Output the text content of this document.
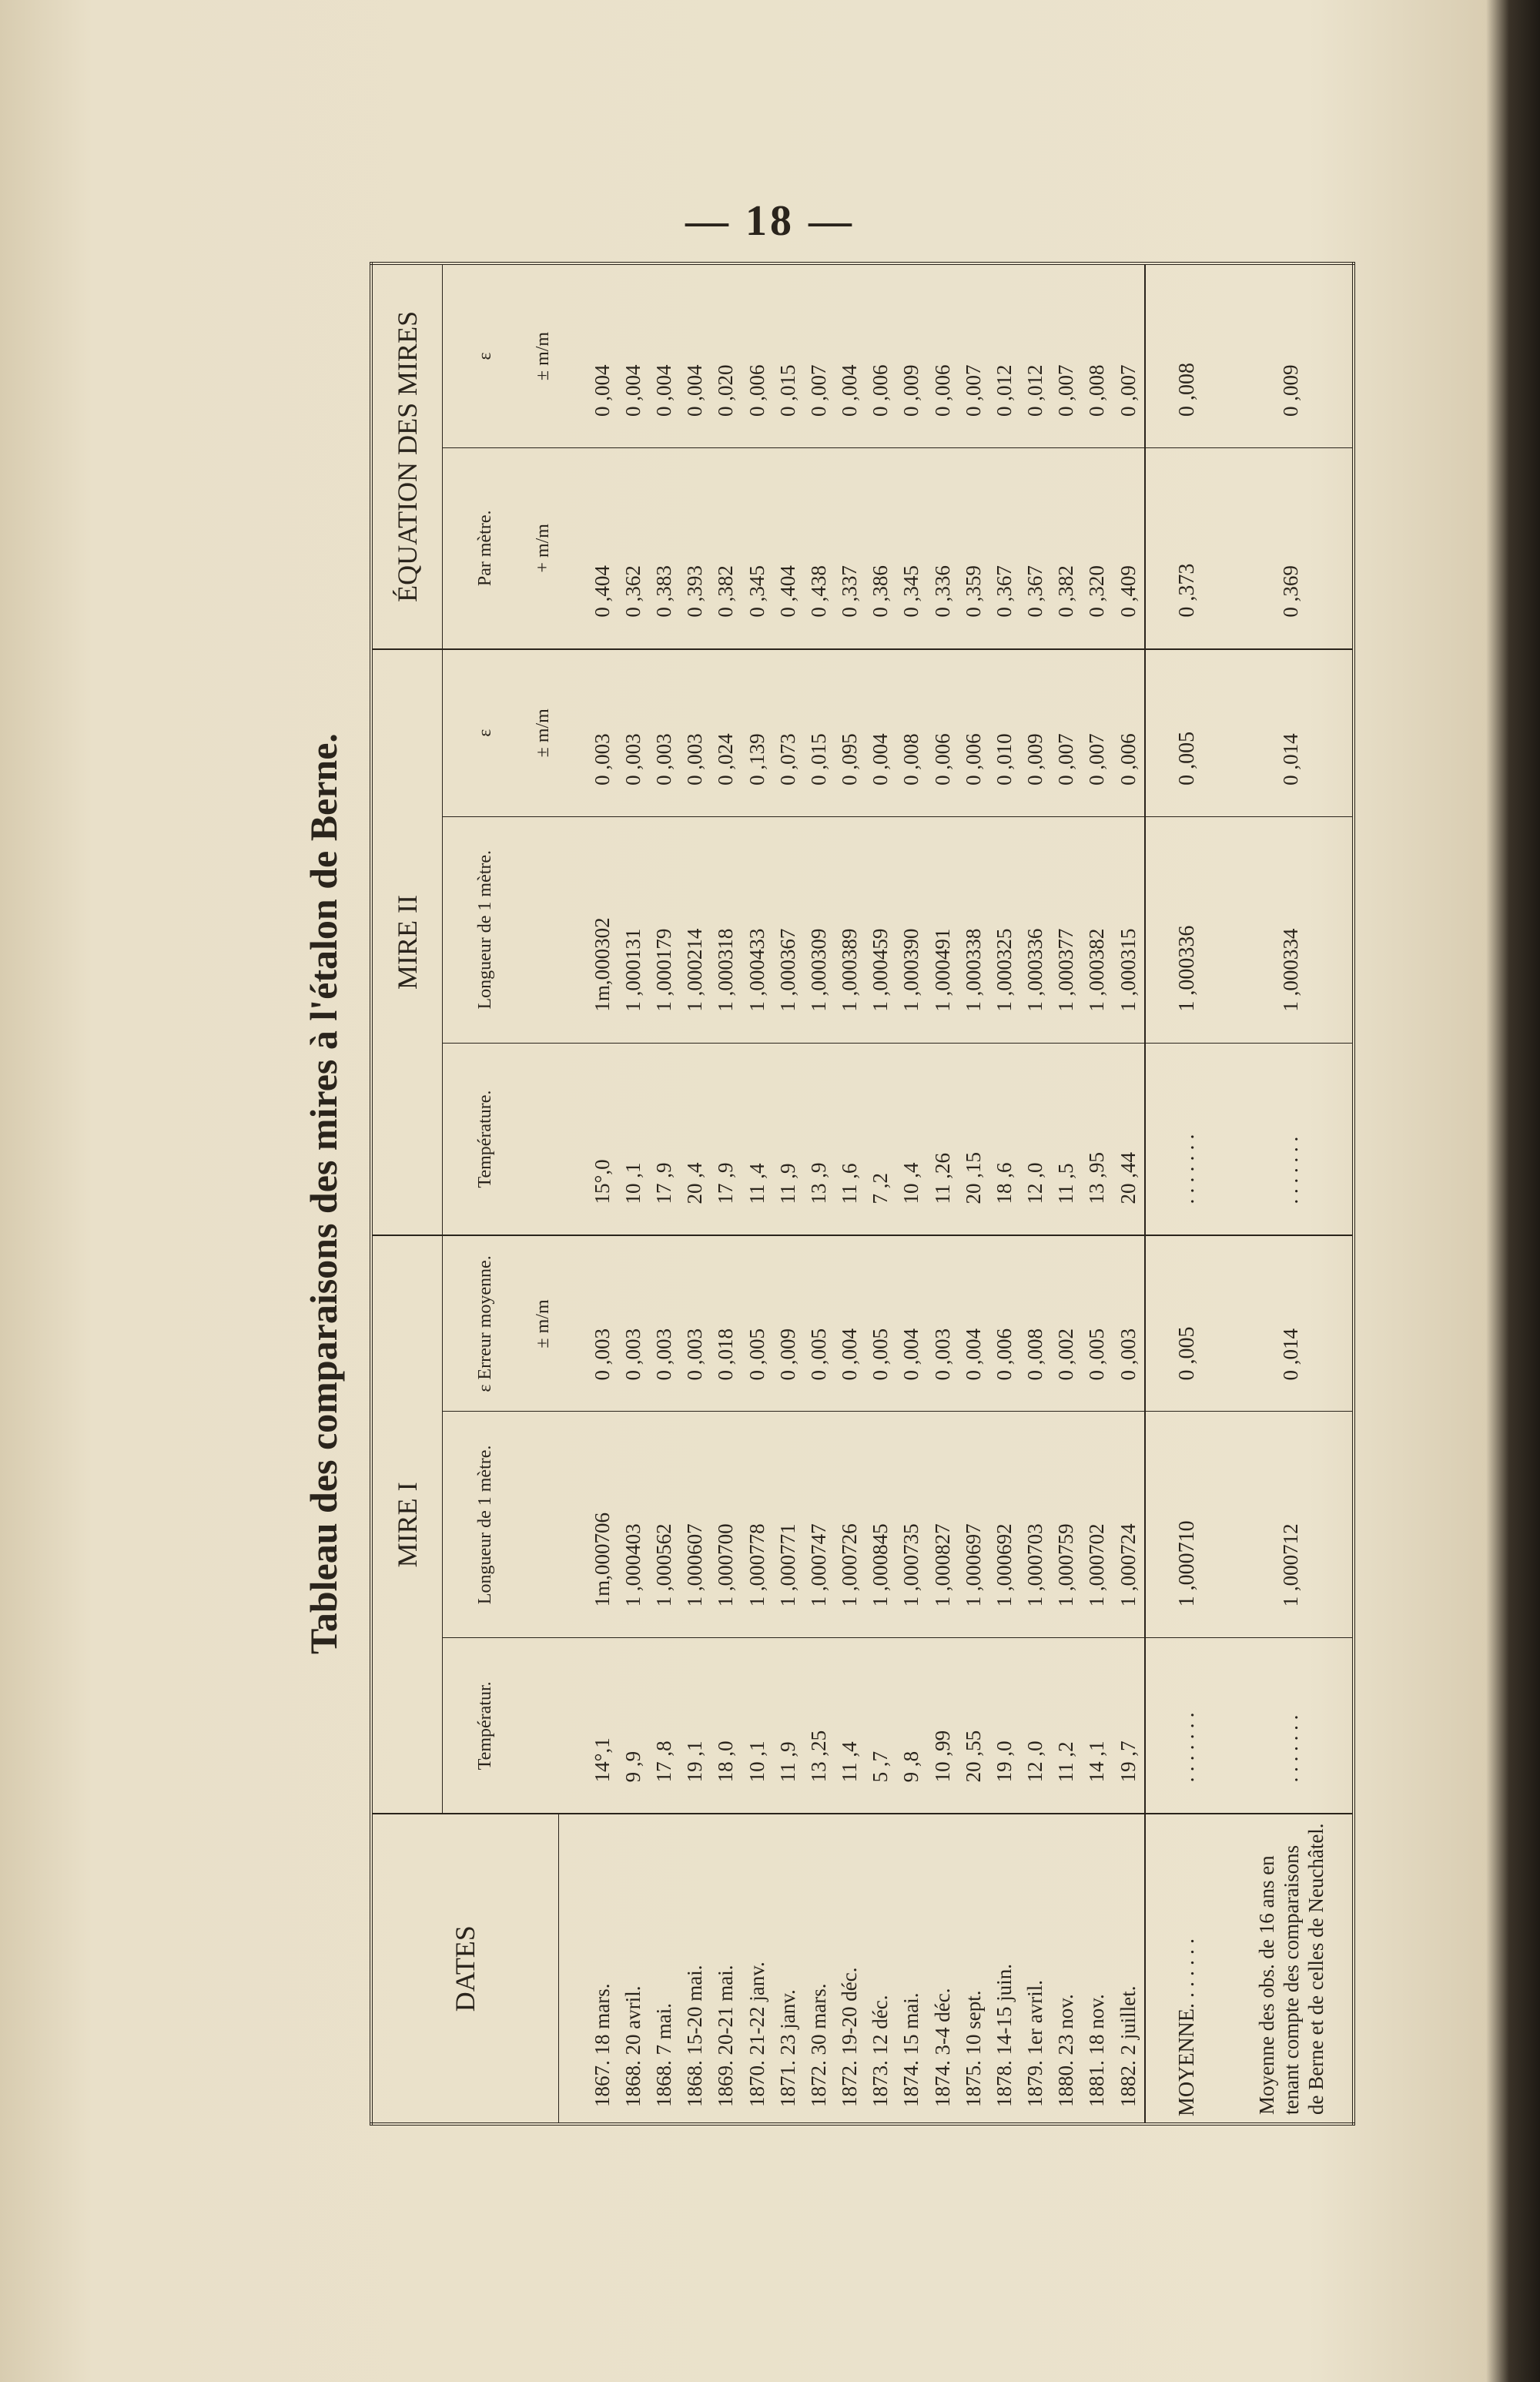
— 18 —
Tableau des comparaisons des mires à l'étalon de Berne.
DATES	MIRE I			MIRE II			ÉQUATION DES MIRES	
	Températur.	Longueur de 1 mètre.	ε Erreur moyenne.	Température.	Longueur de 1 mètre.	ε	Par mètre.	ε
			± m/m			± m/m	+ m/m	± m/m

1867. 18 mars.	14°,1	1m,000706	0 ,003	15°,0	1m,000302	0 ,003	0 ,404	0 ,004
1868. 20 avril.	9 ,9	1 ,000403	0 ,003	10 ,1	1 ,000131	0 ,003	0 ,362	0 ,004
1868. 7 mai.	17 ,8	1 ,000562	0 ,003	17 ,9	1 ,000179	0 ,003	0 ,383	0 ,004
1868. 15-20 mai.	19 ,1	1 ,000607	0 ,003	20 ,4	1 ,000214	0 ,003	0 ,393	0 ,004
1869. 20-21 mai.	18 ,0	1 ,000700	0 ,018	17 ,9	1 ,000318	0 ,024	0 ,382	0 ,020
1870. 21-22 janv.	10 ,1	1 ,000778	0 ,005	11 ,4	1 ,000433	0 ,139	0 ,345	0 ,006
1871. 23 janv.	11 ,9	1 ,000771	0 ,009	11 ,9	1 ,000367	0 ,073	0 ,404	0 ,015
1872. 30 mars.	13 ,25	1 ,000747	0 ,005	13 ,9	1 ,000309	0 ,015	0 ,438	0 ,007
1872. 19-20 déc.	11 ,4	1 ,000726	0 ,004	11 ,6	1 ,000389	0 ,095	0 ,337	0 ,004
1873. 12 déc.	5 ,7	1 ,000845	0 ,005	7 ,2	1 ,000459	0 ,004	0 ,386	0 ,006
1874. 15 mai.	9 ,8	1 ,000735	0 ,004	10 ,4	1 ,000390	0 ,008	0 ,345	0 ,009
1874. 3-4 déc.	10 ,99	1 ,000827	0 ,003	11 ,26	1 ,000491	0 ,006	0 ,336	0 ,006
1875. 10 sept.	20 ,55	1 ,000697	0 ,004	20 ,15	1 ,000338	0 ,006	0 ,359	0 ,007
1878. 14-15 juin.	19 ,0	1 ,000692	0 ,006	18 ,6	1 ,000325	0 ,010	0 ,367	0 ,012
1879. 1er avril.	12 ,0	1 ,000703	0 ,008	12 ,0	1 ,000336	0 ,009	0 ,367	0 ,012
1880. 23 nov.	11 ,2	1 ,000759	0 ,002	11 ,5	1 ,000377	0 ,007	0 ,382	0 ,007
1881. 18 nov.	14 ,1	1 ,000702	0 ,005	13 ,95	1 ,000382	0 ,007	0 ,320	0 ,008
1882. 2 juillet.	19 ,7	1 ,000724	0 ,003	20 ,44	1 ,000315	0 ,006	0 ,409	0 ,007
MOYENNE. . . . . . .	. . . . . . .	1 ,000710	0 ,005	. . . . . . .	1 ,000336	0 ,005	0 ,373	0 ,008
Moyenne des obs. de 16 ans en tenant compte des comparaisons de Berne et de celles de Neuchâtel.	. . . . . . .	1 ,000712	0 ,014	. . . . . . .	1 ,000334	0 ,014	0 ,369	0 ,009
